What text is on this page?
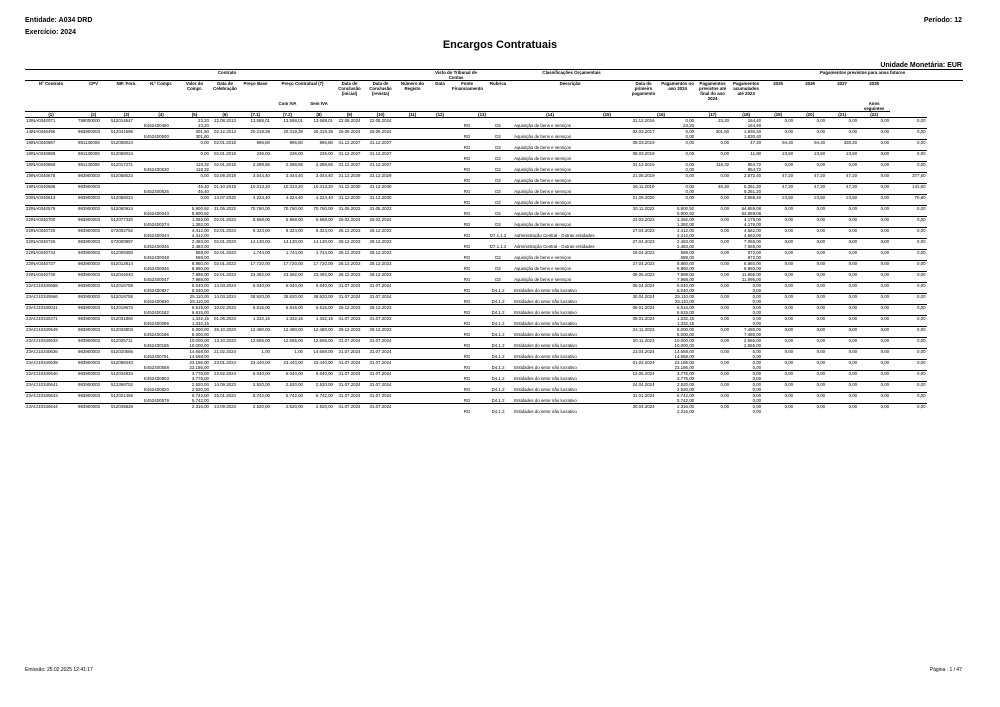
Entidade: A034 DRD
Exercício: 2024
Período: 12
Encargos Contratuais
Unidade Monetária: EUR
Contrato												Visto do Tribunal de Contas		Classificações Orçamentais							Pagamentos previstos para anos futuros				
Nº Contrato	CPV	NIF. Forn.	N.º Compr.	Valor do Compr.	Data de Celebração	Preço Base	Preço Contratual (7)		Data de Conclusão (inicial)	Data de Conclusão (revista)	Número do Registo	Data	Fonte Financiamento	Rubrica	Descrição		Data do primeiro pagamento	Pagamentos no ano 2024	Pagamentos previstos até final do ano 2024	Pagamentos acumulados até 2023	2025	2026	2027	2028	
							Com IVA	Sem IVA																Anos seguintes	
(1)	(2)	(3)	(4)	(5)	(6)	(7.1)	(7.2)	(8)	(9)	(10)	(11)	(12)	(13)		(14)	(15)	(16)		(17)	(18)	(19)	(20)	(21)	(22)	
13INA0340071	799000000	512014647		23,20	22.08.2013	13.588,01	13.588,01	13.588,01	22.08.2024	22.08.2024							31.12.2016	0,00	23,20	164,40	0,00	0,00	0,00	0,00	0,00
			E452400460	23,20									RG	D2	Aquisição de bens e serviços			23,20		164,40					
14INA0346496	983900003	512041595		301,60	02.12.2013	20.319,39	20.319,39	20.319,39	28.06.2024	28.06.2024							02.02.2017	0,00	301,60	1.830,40	0,00	0,00	0,00	0,00	0,00
			E452400500	301,60									RG	D2	Aquisição de bens e serviços			0,00		1.830,40					
18INA0340867	981130008	512058024		0,00	02.01.2018	896,80	896,80	896,80	31.12.2027	31.12.2027							08.03.2019	0,00	0,00	47,20	94,40	94,40	330,40	0,00	0,00
													RG	D2	Aquisição de bens e serviços										
18INA0340868	981130008	512058024		0,00	02.01.2018	236,00	236,00	236,00	31.12.2027	31.12.2027							08.03.2019	0,00	0,00	11,80	23,60	23,60	23,60	0,00	0,00
													RG	D2	Aquisição de bens e serviços										
18INA0340869	981130008	512017271		118,32	02.01.2018	2.288,86	2.288,86	2.288,86	31.12.2027	31.12.2027							31.12.2019	0,00	118,32	954,72	0,00	0,00	0,00	0,00	0,00
			E452400630	118,32									RG	D2	Aquisição de bens e serviços			0,00		954,72					
19INA0340678	983900003	512058024		0,00	02.09.2019	3.044,40	3.044,40	3.044,40	31.12.2029	31.12.2029							21.08.2019	0,00	0,00	2.572,40	47,20	47,20	47,20	0,00	377,60
													RG	D2	Aquisição de bens e serviços										
19INA0340686	983900003			46,40	01.10.2019	10.313,20	10.313,20	10.313,20	31.12.2030	31.12.2030							26.11.2019	0,00	46,40	5.261,20	47,20	47,20	47,20	0,00	141,60
			E452400625	46,40									RG	D2	Aquisição de bens e serviços			0,00		5.261,20					
20INA0340613	983900003	512058024		0,00	14.07.2020	4.224,40	4.224,40	4.224,40	31.12.2030	31.12.2030							21.09.2020	0,00	0,00	3.988,40	23,60	23,60	23,60	0,00	70,80
													RG	D2	Aquisição de bens e serviços										
22INA0340579	983900003	512060924		5.900,92	31.05.2022	70.760,00	70.760,00	70.760,00	31.05.2023	31.05.2023							30.11.2022	5.900,92	0,00	64.859,08	0,00	0,00	0,00	0,00	0,00
			E452400043	5.900,92									RG	D2	Aquisição de bens e serviços			5.900,92		64.859,08					
22INA0340700	983900003	512077320		1.392,00	02.01.2023	5.568,00	5.568,00	5.568,00	28.02.2024	28.02.2024							23.02.2023	1.392,00	0,00	4.176,00	0,00	0,00	0,00	0,00	0,00
			E452400274	1.392,00									RG	D2	Aquisição de bens e serviços			1.392,00		4.176,00					
22INA0340725	983900003	672002752		4.412,00	02.01.2023	9.324,00	9.324,00	9.324,00	28.12.2023	28.12.2023							27.04.2023	4.412,00	0,00	4.662,00	0,00	0,00	0,00	0,00	0,00
			E452400044	4.412,00									RG	D7.1.1.2	Administração Central - Outras entidades			4.412,00		4.662,00					
22INA0340726	983900003	672000997		2.483,00	02.01.2023	14.130,00	14.130,00	14.130,00	28.12.2023	28.12.2023							27.04.2023	2.483,00	0,00	7.065,00	0,00	0,00	0,00	0,00	0,00
			E452400045	2.483,00									RG	D7.1.1.2	Administração Central - Outras entidades			2.483,00		7.065,00					
22INA0340734	983900003	512009350		688,00	02.01.2023	1.744,00	1.744,00	1.744,00	28.12.2023	28.12.2023							19.04.2023	688,00	0,00	872,00	0,00	0,00	0,00	0,00	0,00
			E452400048	688,00									RG	D2	Aquisição de bens e serviços			688,00		872,00					
22INA0340737	983900003	512012814		8.860,00	02.01.2023	17.720,00	17.720,00	17.720,00	28.12.2023	28.12.2023							27.04.2023	8.860,00	0,00	8.860,00	0,00	0,00	0,00	0,00	0,00
			E452400046	8.860,00									RG	D2	Aquisição de bens e serviços			8.860,00		8.860,00					
22INA0340740	983900003	512044040		7.988,00	02.01.2023	23.392,00	23.392,00	23.392,00	28.12.2023	28.12.2023							08.05.2023	7.988,00	0,00	11.996,00	0,00	0,00	0,00	0,00	0,00
			E452400047	7.988,00									RG	D2	Aquisição de bens e serviços			7.988,00		11.996,00					
23ACI10340658	983900003	512016755		5.040,00	14.03.2024	5.040,00	5.040,00	5.040,00	31.07.2024	31.07.2024							05.04.2024	5.040,00	0,00	0,00	0,00	0,00	0,00	0,00	0,00
			E452400827	5.040,00									RG	D4.1.2	Entidades do setor não lucrativo			5.040,00		0,00					
23ACI10340666	983900003	512016755		25.110,00	14.03.2024	28.920,00	28.920,00	28.920,00	31.07.2024	31.07.2024							30.04.2024	25.110,00	0,00	0,00	0,00	0,00	0,00	0,00	0,00
			E452400930	25.110,00									RG	D4.1.2	Entidades do setor não lucrativo			25.110,00		0,00					
23ACI10340041	983900003	512019673		6.615,00	10.02.2023	6.615,00	6.615,00	6.615,00	28.12.2023	28.12.2023							08.01.2024	6.615,00	0,00	0,00	0,00	0,00	0,00	0,00	0,00
			E452400182	6.615,00									RG	D4.1.2	Entidades do setor não lucrativo			6.615,00		0,00					
23ACI10340471	983900003	512031860		1.332,15	01.06.2023	1.332,15	1.332,15	1.332,15	31.07.2023	31.07.2023							08.01.2024	1.332,15	0,00	0,00	0,00	0,00	0,00	0,00	0,00
			E452400099	1.332,15									RG	D4.1.2	Entidades do setor não lucrativo			1.332,15		0,00					
23ACI10340549	983900003	512033803		5.000,00	26.10.2023	12.480,00	12.480,00	12.480,00	29.12.2023	29.12.2023							24.11.2023	5.000,00	0,00	7.480,00	0,00	0,00	0,00	0,00	0,00
			E452400196	5.000,00									RG	D4.1.2	Entidades do setor não lucrativo			5.000,00		7.480,00					
23ACI10340633	983900003	512025711		10.000,00	13.10.2023	12.565,00	12.565,00	12.565,00	31.07.2024	31.07.2024							20.11.2023	10.000,00	0,00	2.565,00	0,00	0,00	0,00	0,00	0,00
			E452400185	10.000,00									RG	D4.1.2	Entidades do setor não lucrativo			10.000,00		2.565,00					
23ACI10340636	983900003	512020566		14.658,00	21.02.2024	1,00	1,00	14.658,00	31.07.2024	31.07.2024							23.04.2024	14.658,00	0,00	0,00	0,00	0,00	0,00	0,00	0,00
			E452400791	14.658,00									RG	D4.1.2	Entidades do setor não lucrativo			14.658,00		0,00					
23ACI10340639	983900003	512098340		23.186,00	23.01.2024	23.440,00	23.440,00	23.440,00	31.07.2024	31.07.2024							01.02.2024	23.186,00	0,00	0,00	0,00	0,00	0,00	0,00	0,00
			E452400558	23.186,00									RG	D4.1.2	Entidades do setor não lucrativo			23.186,00		0,00					
23ACI10340640	983900003	512034834		3.776,00	22.02.2024	5.040,00	5.040,00	5.040,00	31.07.2024	31.07.2024							13.05.2024	3.776,00	0,00	0,00	0,00	0,00	0,00	0,00	0,00
			E452400803	3.776,00									RG	D4.1.2	Entidades do setor não lucrativo			3.776,00		0,00					
23ACI10340641	983900003	513368702		2.520,00	14.09.2023	2.520,00	2.520,00	2.520,00	31.07.2024	31.07.2024							24.04.2024	2.520,00	0,00	0,00	0,00	0,00	0,00	0,00	0,00
			E452400820	2.520,00									RG	D4.1.2	Entidades do setor não lucrativo			2.520,00		0,00					
23ACI10340643	983900003	512021465		5.742,00	25.01.2024	5.742,00	5.742,00	5.742,00	31.07.2024	31.07.2024							31.01.2024	5.742,00	0,00	0,00	0,00	0,00	0,00	0,00	0,00
			E452400579	5.742,00									RG	D4.1.2	Entidades do setor não lucrativo			5.742,00		0,00					
23ACI10340644	983900003	512045828		2.316,00	14.09.2023	2.520,00	2.520,00	2.520,00	31.07.2024	31.07.2024							30.04.2024	2.316,00	0,00	0,00	0,00	0,00	0,00	0,00	0,00
													RG	D4.1.2	Entidades do setor não lucrativo			2.316,00		0,00					
Emissão: 25.02.2025 12:41:17	Página : 1 / 47
